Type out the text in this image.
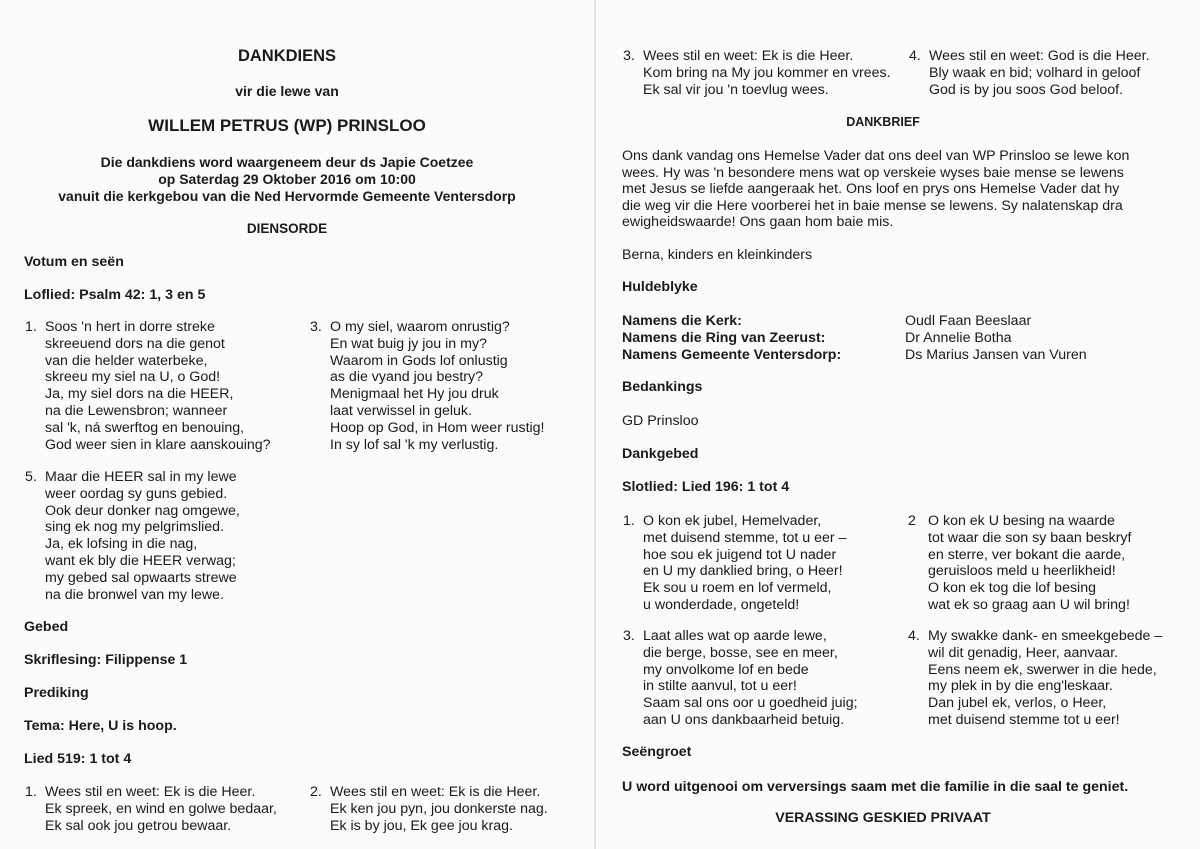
DANKDIENS
vir die lewe van
WILLEM PETRUS (WP) PRINSLOO
Die dankdiens word waargeneem deur ds Japie Coetzee
op Saterdag 29 Oktober 2016 om 10:00
vanuit die kerkgebou van die Ned Hervormde Gemeente Ventersdorp
DIENSORDE
Votum en seën
Loflied: Psalm 42: 1, 3 en 5
1. Soos 'n hert in dorre streke
skreeuend dors na die genot
van die helder waterbeke,
skreeu my siel na U, o God!
Ja, my siel dors na die HEER,
na die Lewensbron; wanneer
sal 'k, ná swerftog en benouing,
God weer sien in klare aanskouing?
3. O my siel, waarom onrustig?
En wat buig jy jou in my?
Waarom in Gods lof onlustig
as die vyand jou bestry?
Menigmaal het Hy jou druk
laat verwissel in geluk.
Hoop op God, in Hom weer rustig!
In sy lof sal 'k my verlustig.
5. Maar die HEER sal in my lewe
weer oordag sy guns gebied.
Ook deur donker nag omgewe,
sing ek nog my pelgrimslied.
Ja, ek lofsing in die nag,
want ek bly die HEER verwag;
my gebed sal opwaarts strewe
na die bronwel van my lewe.
Gebed
Skriflesing: Filippense 1
Prediking
Tema: Here, U is hoop.
Lied 519: 1 tot 4
1. Wees stil en weet: Ek is die Heer.
Ek spreek, en wind en golwe bedaar,
Ek sal ook jou getrou bewaar.
2. Wees stil en weet: Ek is die Heer.
Ek ken jou pyn, jou donkerste nag.
Ek is by jou, Ek gee jou krag.
3. Wees stil en weet: Ek is die Heer.
Kom bring na My jou kommer en vrees.
Ek sal vir jou 'n toevlug wees.
4. Wees stil en weet: God is die Heer.
Bly waak en bid; volhard in geloof
God is by jou soos God beloof.
DANKBRIEF
Ons dank vandag ons Hemelse Vader dat ons deel van WP Prinsloo se lewe kon
wees. Hy was 'n besondere mens wat op verskeie wyses baie mense se lewens
met Jesus se liefde aangeraak het. Ons loof en prys ons Hemelse Vader dat hy
die weg vir die Here voorberei het in baie mense se lewens. Sy nalatenskap dra
ewigheidswaarde! Ons gaan hom baie mis.
Berna, kinders en kleinkinders
Huldeblyke
Namens die Kerk:	Oudl Faan Beeslaar
Namens die Ring van Zeerust:	Dr Annelie Botha
Namens Gemeente Ventersdorp:	Ds Marius Jansen van Vuren
Bedankings
GD Prinsloo
Dankgebed
Slotlied: Lied 196: 1 tot 4
1. O kon ek jubel, Hemelvader,
met duisend stemme, tot u eer –
hoe sou ek juigend tot U nader
en U my danklied bring, o Heer!
Ek sou u roem en lof vermeld,
u wonderdade, ongeteld!
2 O kon ek U besing na waarde
tot waar die son sy baan beskryf
en sterre, ver bokant die aarde,
geruisloos meld u heerlikheid!
O kon ek tog die lof besing
wat ek so graag aan U wil bring!
3. Laat alles wat op aarde lewe,
die berge, bosse, see en meer,
my onvolkome lof en bede
in stilte aanvul, tot u eer!
Saam sal ons oor u goedheid juig;
aan U ons dankbaarheid betuig.
4. My swakke dank- en smeekgebede –
wil dit genadig, Heer, aanvaar.
Eens neem ek, swerwer in die hede,
my plek in by die eng'leskaar.
Dan jubel ek, verlos, o Heer,
met duisend stemme tot u eer!
Seëngroet
U word uitgenooi om verversings saam met die familie in die saal te geniet.
VERASSING GESKIED PRIVAAT
